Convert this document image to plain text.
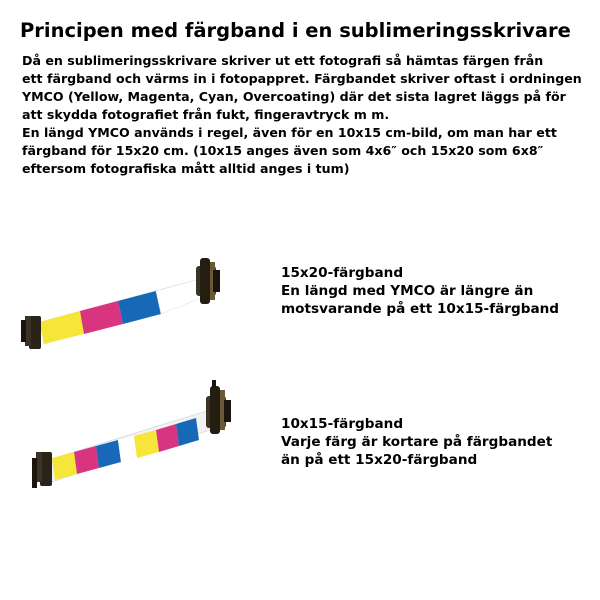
Principen med färgband i en sublimeringsskrivare

Då en sublimeringsskrivare skriver ut ett fotografi så hämtas färgen från

ett färgband och värms in i fotopappret. Färgbandet skriver oftast i ordningen

YMCO (Yellow, Magenta, Cyan, Overcoating) där det sista lagret läggs på för

att skydda fotografiet från fukt, fingeravtryck m m.

En längd YMCO används i regel, även för en 10x15 cm-bild, om man har ett

färgband för 15x20 cm. (10x15 anges även som 4x6″ och 15x20 som 6x8″

eftersom fotografiska mått alltid anges i tum)

15x20-färgband
En längd med YMCO är längre än
motsvarande på ett 10x15-färgband
10x15-färgband
Varje färg är kortare på färgbandet
än på ett 15x20-färgband
